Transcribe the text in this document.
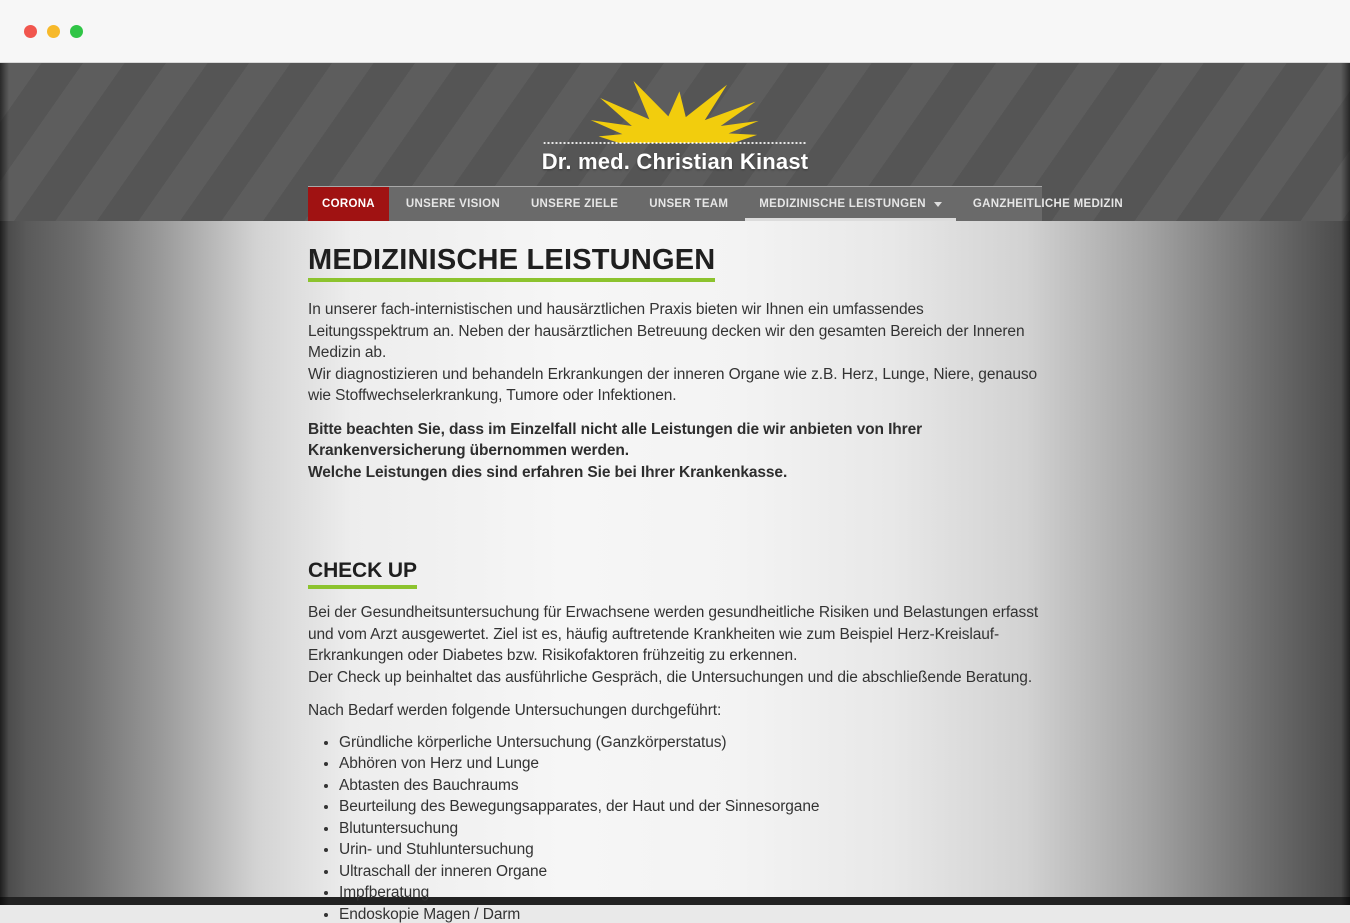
Dr. med. Christian Kinast
CORONA	UNSERE VISION	UNSERE ZIELE	UNSER TEAM	MEDIZINISCHE LEISTUNGEN	GANZHEITLICHE MEDIZIN
MEDIZINISCHE LEISTUNGEN
In unserer fach-internistischen und hausärztlichen Praxis bieten wir Ihnen ein umfassendes Leitungsspektrum an. Neben der hausärztlichen Betreuung decken wir den gesamten Bereich der Inneren Medizin ab.
Wir diagnostizieren und behandeln Erkrankungen der inneren Organe wie z.B. Herz, Lunge, Niere, genauso wie Stoffwechselerkrankung, Tumore oder Infektionen.
Bitte beachten Sie, dass im Einzelfall nicht alle Leistungen die wir anbieten von Ihrer Krankenversicherung übernommen werden.
Welche Leistungen dies sind erfahren Sie bei Ihrer Krankenkasse.
CHECK UP
Bei der Gesundheitsuntersuchung für Erwachsene werden gesundheitliche Risiken und Belastungen erfasst und vom Arzt ausgewertet. Ziel ist es, häufig auftretende Krankheiten wie zum Beispiel Herz-Kreislauf-Erkrankungen oder Diabetes bzw. Risikofaktoren frühzeitig zu erkennen.
Der Check up beinhaltet das ausführliche Gespräch, die Untersuchungen und die abschließende Beratung.
Nach Bedarf werden folgende Untersuchungen durchgeführt:
• Gründliche körperliche Untersuchung (Ganzkörperstatus)
• Abhören von Herz und Lunge
• Abtasten des Bauchraums
• Beurteilung des Bewegungsapparates, der Haut und der Sinnesorgane
• Blutuntersuchung
• Urin- und Stuhluntersuchung
• Ultraschall der inneren Organe
• Impfberatung
• Endoskopie Magen / Darm
